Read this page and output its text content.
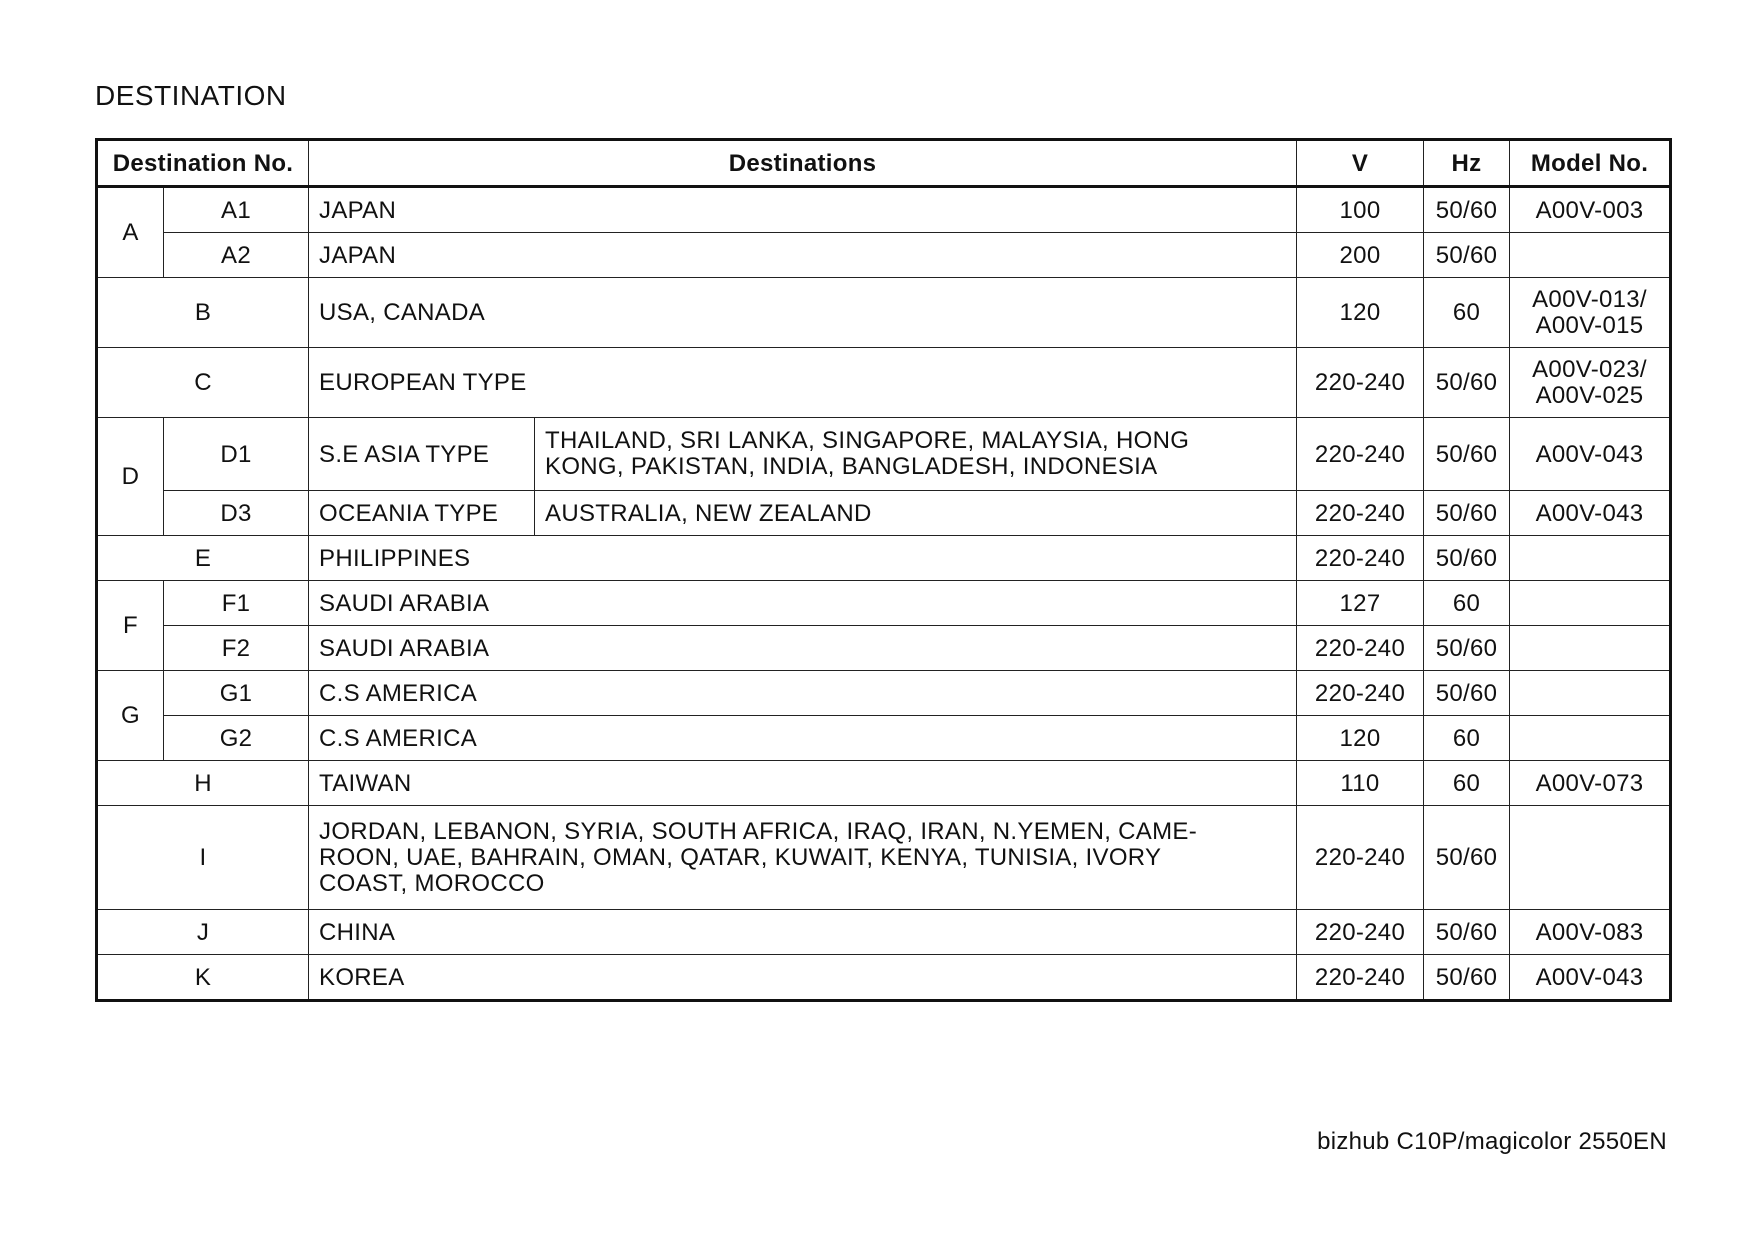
DESTINATION
Destination No.		Destinations		V	Hz	Model No.
A	A1	JAPAN		100	50/60	A00V-003
	A2	JAPAN		200	50/60	
B		USA, CANADA		120	60	A00V-013/
A00V-015

C		EUROPEAN TYPE		220-240	50/60	A00V-023/
A00V-025

D	D1	S.E ASIA TYPE	THAILAND, SRI LANKA, SINGAPORE, MALAYSIA, HONG
KONG, PAKISTAN, INDIA, BANGLADESH, INDONESIA	220-240	50/60	A00V-043
	D3	OCEANIA TYPE	AUSTRALIA, NEW ZEALAND	220-240	50/60	A00V-043
E		PHILIPPINES		220-240	50/60	
F	F1	SAUDI ARABIA		127	60	
	F2	SAUDI ARABIA		220-240	50/60	
G	G1	C.S AMERICA		220-240	50/60	
	G2	C.S AMERICA		120	60	
H		TAIWAN		110	60	A00V-073
I		JORDAN, LEBANON, SYRIA, SOUTH AFRICA, IRAQ, IRAN, N.YEMEN, CAME-
ROON, UAE, BAHRAIN, OMAN, QATAR, KUWAIT, KENYA, TUNISIA, IVORY
COAST, MOROCCO		220-240	50/60	
J		CHINA		220-240	50/60	A00V-083
K		KOREA		220-240	50/60	A00V-043
bizhub C10P/magicolor 2550EN
